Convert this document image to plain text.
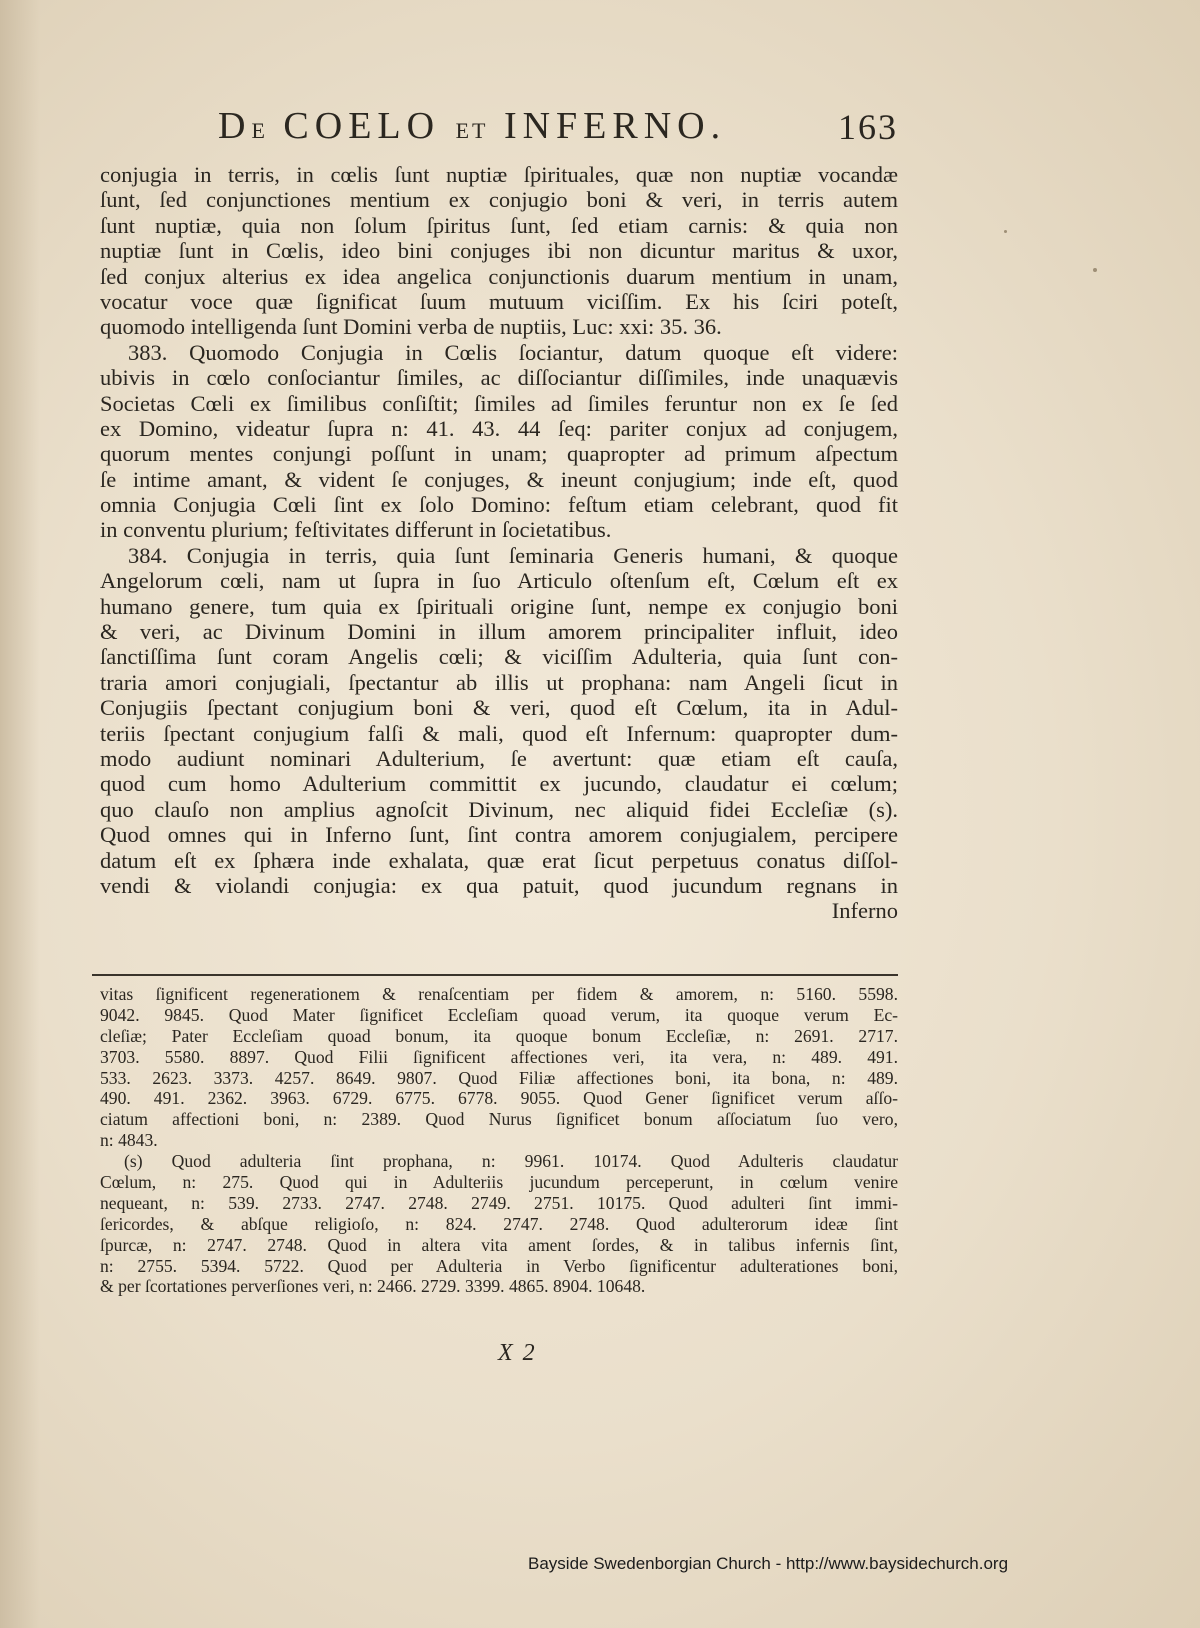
DE COELO ET INFERNO.	163
conjugia in terris, in cœlis ſunt nuptiæ ſpirituales, quæ non nuptiæ vocandæ
ſunt, ſed conjunctiones mentium ex conjugio boni & veri, in terris autem
ſunt nuptiæ, quia non ſolum ſpiritus ſunt, ſed etiam carnis: & quia non
nuptiæ ſunt in Cœlis, ideo bini conjuges ibi non dicuntur maritus & uxor,
ſed conjux alterius ex idea angelica conjunctionis duarum mentium in unam,
vocatur voce quæ ſignificat ſuum mutuum viciſſim. Ex his ſciri poteſt,
quomodo intelligenda ſunt Domini verba de nuptiis, Luc: xxi: 35. 36.
383. Quomodo Conjugia in Cœlis ſociantur, datum quoque eſt videre:
ubivis in cœlo conſociantur ſimiles, ac diſſociantur diſſimiles, inde unaquævis
Societas Cœli ex ſimilibus conſiſtit; ſimiles ad ſimiles feruntur non ex ſe ſed
ex Domino, videatur ſupra n: 41. 43. 44 ſeq: pariter conjux ad conjugem,
quorum mentes conjungi poſſunt in unam; quapropter ad primum aſpectum
ſe intime amant, & vident ſe conjuges, & ineunt conjugium; inde eſt, quod
omnia Conjugia Cœli ſint ex ſolo Domino: feſtum etiam celebrant, quod fit
in conventu plurium; feſtivitates differunt in ſocietatibus.
384. Conjugia in terris, quia ſunt ſeminaria Generis humani, & quoque
Angelorum cœli, nam ut ſupra in ſuo Articulo oſtenſum eſt, Cœlum eſt ex
humano genere, tum quia ex ſpirituali origine ſunt, nempe ex conjugio boni
& veri, ac Divinum Domini in illum amorem principaliter influit, ideo
ſanctiſſima ſunt coram Angelis cœli; & viciſſim Adulteria, quia ſunt con-
traria amori conjugiali, ſpectantur ab illis ut prophana: nam Angeli ſicut in
Conjugiis ſpectant conjugium boni & veri, quod eſt Cœlum, ita in Adul-
teriis ſpectant conjugium falſi & mali, quod eſt Infernum: quapropter dum-
modo audiunt nominari Adulterium, ſe avertunt: quæ etiam eſt cauſa,
quod cum homo Adulterium committit ex jucundo, claudatur ei cœlum;
quo clauſo non amplius agnoſcit Divinum, nec aliquid fidei Eccleſiæ (s).
Quod omnes qui in Inferno ſunt, ſint contra amorem conjugialem, percipere
datum eſt ex ſphæra inde exhalata, quæ erat ſicut perpetuus conatus diſſol-
vendi & violandi conjugia: ex qua patuit, quod jucundum regnans in
Inferno
vitas ſignificent regenerationem & renaſcentiam per fidem & amorem, n: 5160. 5598.
9042. 9845. Quod Mater ſignificet Eccleſiam quoad verum, ita quoque verum Ec-
cleſiæ; Pater Eccleſiam quoad bonum, ita quoque bonum Eccleſiæ, n: 2691. 2717.
3703. 5580. 8897. Quod Filii ſignificent affectiones veri, ita vera, n: 489. 491.
533. 2623. 3373. 4257. 8649. 9807. Quod Filiæ affectiones boni, ita bona, n: 489.
490. 491. 2362. 3963. 6729. 6775. 6778. 9055. Quod Gener ſignificet verum aſſo-
ciatum affectioni boni, n: 2389. Quod Nurus ſignificet bonum aſſociatum ſuo vero,
n: 4843.
(s) Quod adulteria ſint prophana, n: 9961. 10174. Quod Adulteris claudatur
Cœlum, n: 275. Quod qui in Adulteriis jucundum perceperunt, in cœlum venire
nequeant, n: 539. 2733. 2747. 2748. 2749. 2751. 10175. Quod adulteri ſint immi-
ſericordes, & abſque religioſo, n: 824. 2747. 2748. Quod adulterorum ideæ ſint
ſpurcæ, n: 2747. 2748. Quod in altera vita ament ſordes, & in talibus infernis ſint,
n: 2755. 5394. 5722. Quod per Adulteria in Verbo ſignificentur adulterationes boni,
& per ſcortationes perverſiones veri, n: 2466. 2729. 3399. 4865. 8904. 10648.
X 2
Bayside Swedenborgian Church - http://www.baysidechurch.org
